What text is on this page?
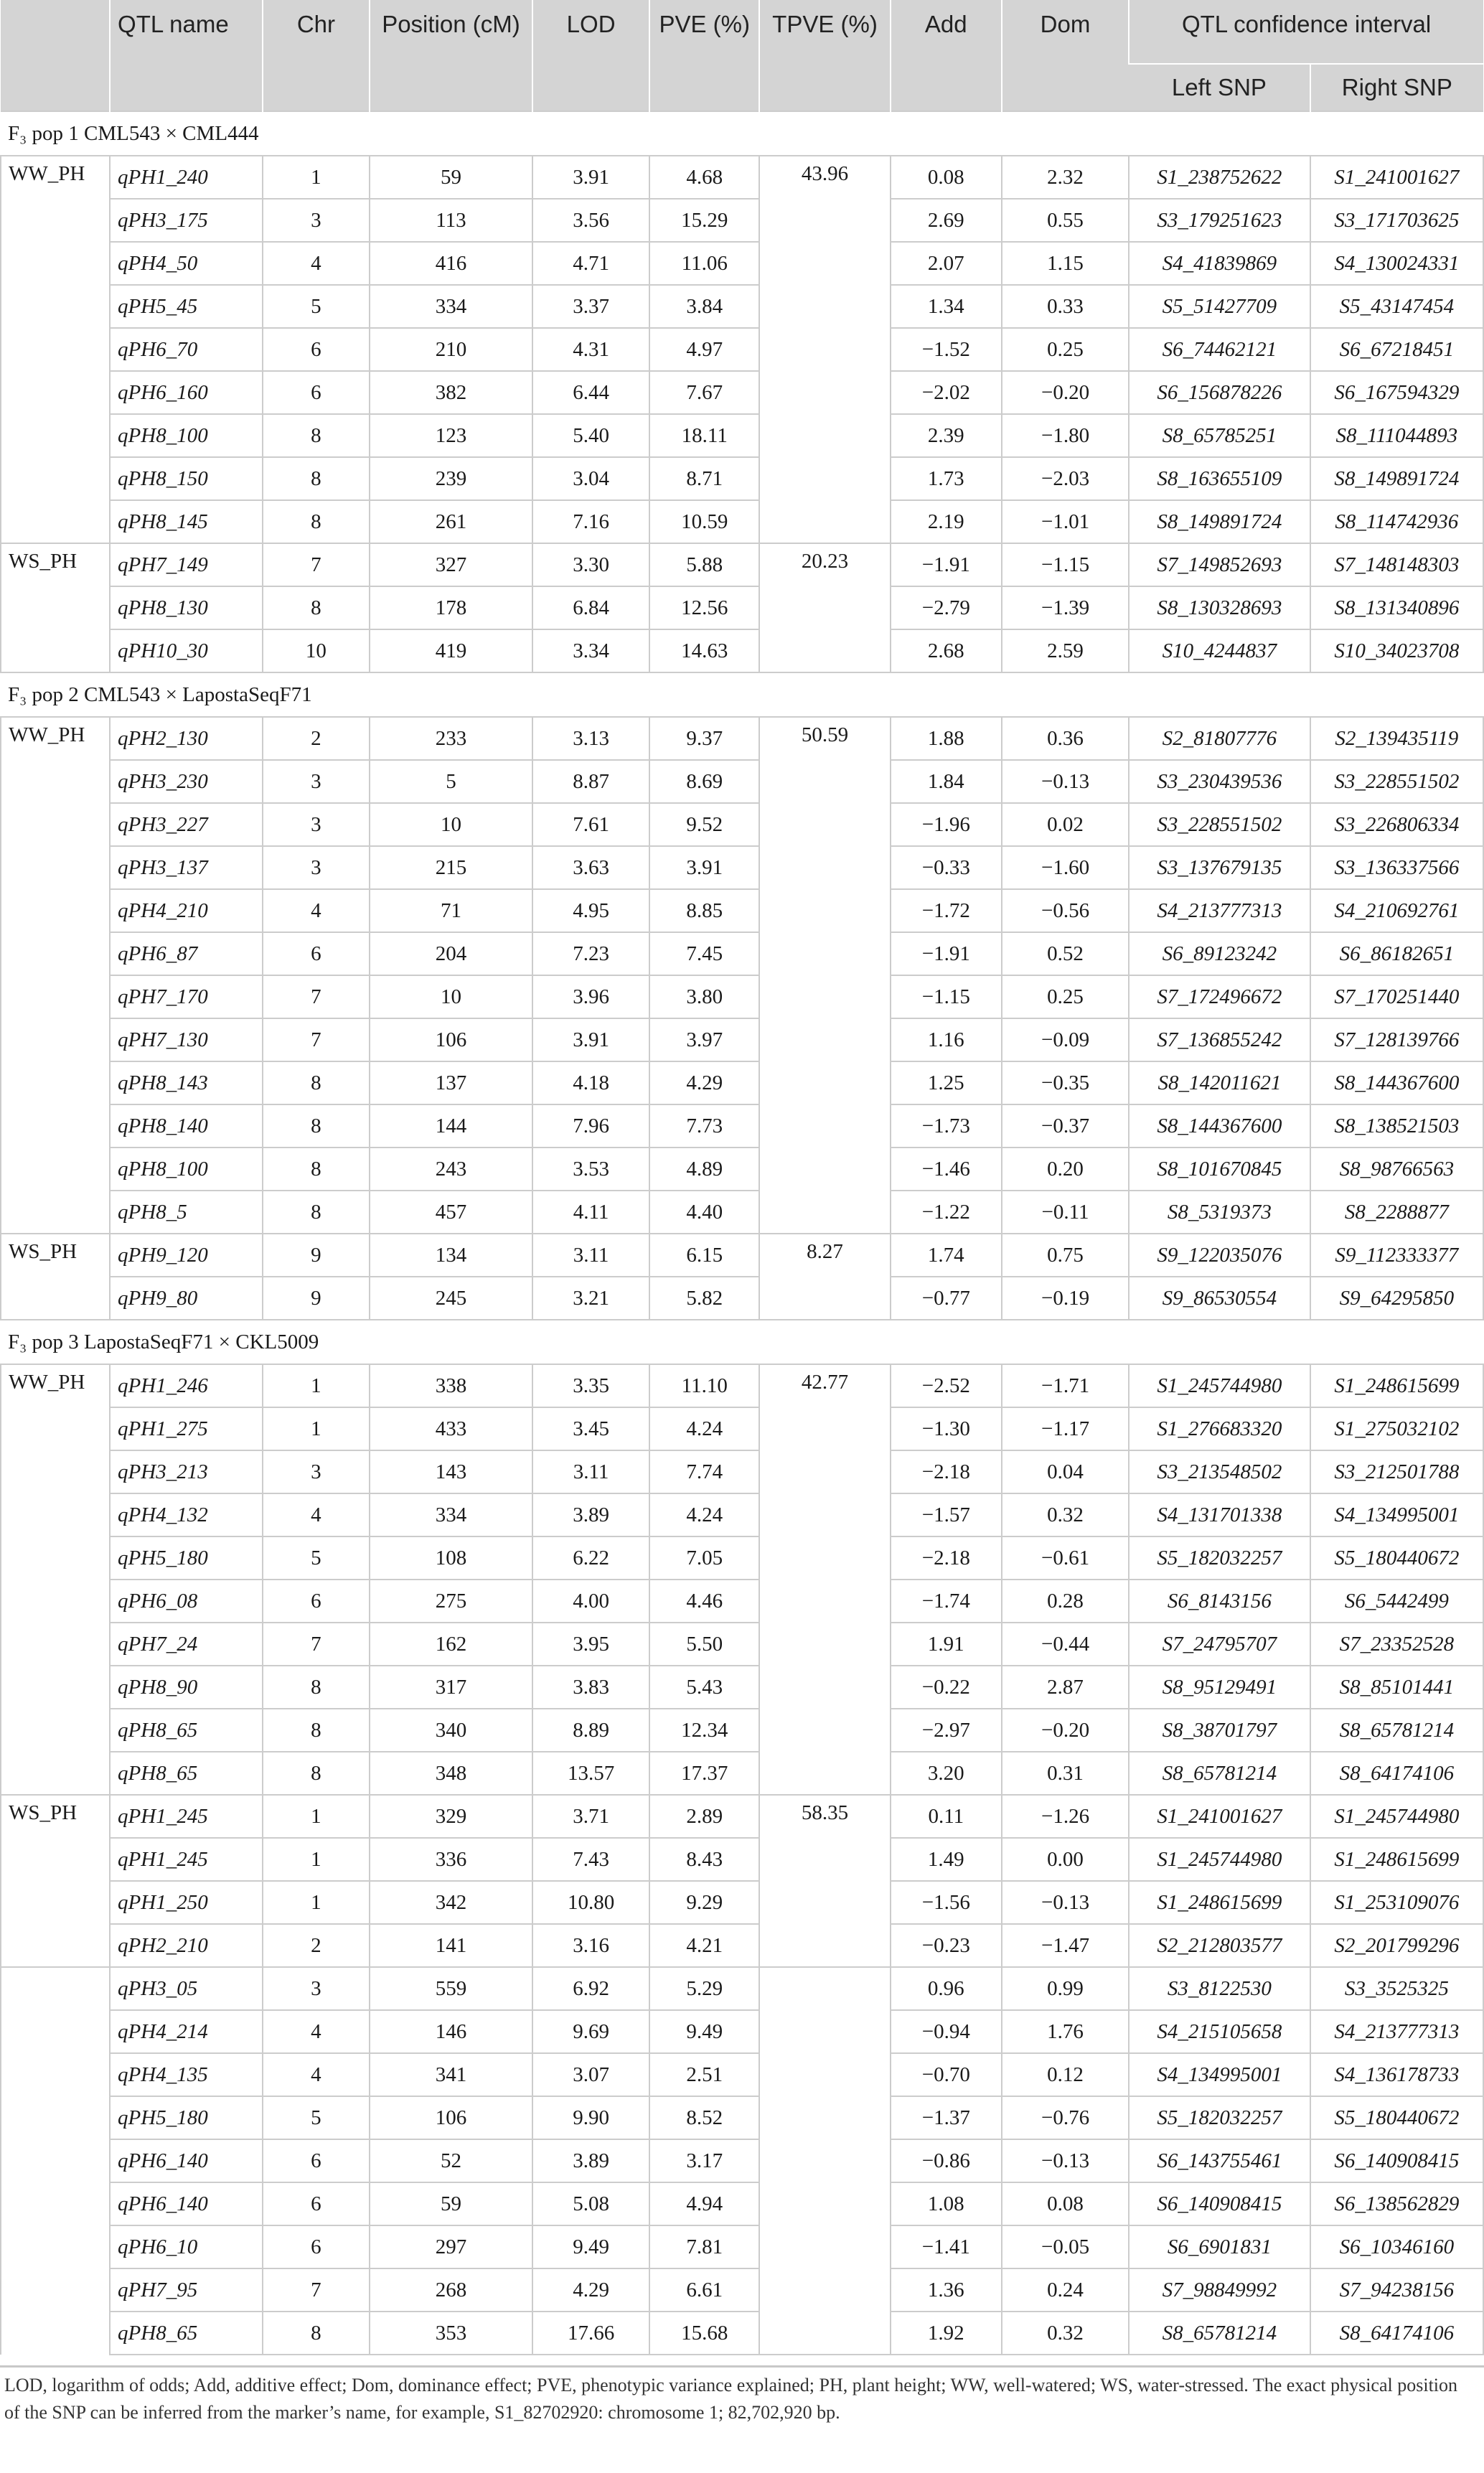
	QTL name	Chr	Position (cM)	LOD	PVE (%)	TPVE (%)	Add	Dom	QTL confidence interval	
									Left SNP	Right SNP
F₃ pop 1 CML543 × CML444										
WW_PH	qPH1_240	1	59	3.91	4.68	43.96	0.08	2.32	S1_238752622	S1_241001627
	qPH3_175	3	113	3.56	15.29		2.69	0.55	S3_179251623	S3_171703625
	qPH4_50	4	416	4.71	11.06		2.07	1.15	S4_41839869	S4_130024331
	qPH5_45	5	334	3.37	3.84		1.34	0.33	S5_51427709	S5_43147454
	qPH6_70	6	210	4.31	4.97		−1.52	0.25	S6_74462121	S6_67218451
	qPH6_160	6	382	6.44	7.67		−2.02	−0.20	S6_156878226	S6_167594329
	qPH8_100	8	123	5.40	18.11		2.39	−1.80	S8_65785251	S8_111044893
	qPH8_150	8	239	3.04	8.71		1.73	−2.03	S8_163655109	S8_149891724
	qPH8_145	8	261	7.16	10.59		2.19	−1.01	S8_149891724	S8_114742936
WS_PH	qPH7_149	7	327	3.30	5.88	20.23	−1.91	−1.15	S7_149852693	S7_148148303
	qPH8_130	8	178	6.84	12.56		−2.79	−1.39	S8_130328693	S8_131340896
	qPH10_30	10	419	3.34	14.63		2.68	2.59	S10_4244837	S10_34023708
F₃ pop 2 CML543 × LapostaSeqF71										
WW_PH	qPH2_130	2	233	3.13	9.37	50.59	1.88	0.36	S2_81807776	S2_139435119
	qPH3_230	3	5	8.87	8.69		1.84	−0.13	S3_230439536	S3_228551502
	qPH3_227	3	10	7.61	9.52		−1.96	0.02	S3_228551502	S3_226806334
	qPH3_137	3	215	3.63	3.91		−0.33	−1.60	S3_137679135	S3_136337566
	qPH4_210	4	71	4.95	8.85		−1.72	−0.56	S4_213777313	S4_210692761
	qPH6_87	6	204	7.23	7.45		−1.91	0.52	S6_89123242	S6_86182651
	qPH7_170	7	10	3.96	3.80		−1.15	0.25	S7_172496672	S7_170251440
	qPH7_130	7	106	3.91	3.97		1.16	−0.09	S7_136855242	S7_128139766
	qPH8_143	8	137	4.18	4.29		1.25	−0.35	S8_142011621	S8_144367600
	qPH8_140	8	144	7.96	7.73		−1.73	−0.37	S8_144367600	S8_138521503
	qPH8_100	8	243	3.53	4.89		−1.46	0.20	S8_101670845	S8_98766563
	qPH8_5	8	457	4.11	4.40		−1.22	−0.11	S8_5319373	S8_2288877
WS_PH	qPH9_120	9	134	3.11	6.15	8.27	1.74	0.75	S9_122035076	S9_112333377
	qPH9_80	9	245	3.21	5.82		−0.77	−0.19	S9_86530554	S9_64295850
F₃ pop 3 LapostaSeqF71 × CKL5009										
WW_PH	qPH1_246	1	338	3.35	11.10	42.77	−2.52	−1.71	S1_245744980	S1_248615699
	qPH1_275	1	433	3.45	4.24		−1.30	−1.17	S1_276683320	S1_275032102
	qPH3_213	3	143	3.11	7.74		−2.18	0.04	S3_213548502	S3_212501788
	qPH4_132	4	334	3.89	4.24		−1.57	0.32	S4_131701338	S4_134995001
	qPH5_180	5	108	6.22	7.05		−2.18	−0.61	S5_182032257	S5_180440672
	qPH6_08	6	275	4.00	4.46		−1.74	0.28	S6_8143156	S6_5442499
	qPH7_24	7	162	3.95	5.50		1.91	−0.44	S7_24795707	S7_23352528
	qPH8_90	8	317	3.83	5.43		−0.22	2.87	S8_95129491	S8_85101441
	qPH8_65	8	340	8.89	12.34		−2.97	−0.20	S8_38701797	S8_65781214
	qPH8_65	8	348	13.57	17.37		3.20	0.31	S8_65781214	S8_64174106
WS_PH	qPH1_245	1	329	3.71	2.89	58.35	0.11	−1.26	S1_241001627	S1_245744980
	qPH1_245	1	336	7.43	8.43		1.49	0.00	S1_245744980	S1_248615699
	qPH1_250	1	342	10.80	9.29		−1.56	−0.13	S1_248615699	S1_253109076
	qPH2_210	2	141	3.16	4.21		−0.23	−1.47	S2_212803577	S2_201799296
	qPH3_05	3	559	6.92	5.29		0.96	0.99	S3_8122530	S3_3525325
	qPH4_214	4	146	9.69	9.49		−0.94	1.76	S4_215105658	S4_213777313
	qPH4_135	4	341	3.07	2.51		−0.70	0.12	S4_134995001	S4_136178733
	qPH5_180	5	106	9.90	8.52		−1.37	−0.76	S5_182032257	S5_180440672
	qPH6_140	6	52	3.89	3.17		−0.86	−0.13	S6_143755461	S6_140908415
	qPH6_140	6	59	5.08	4.94		1.08	0.08	S6_140908415	S6_138562829
	qPH6_10	6	297	9.49	7.81		−1.41	−0.05	S6_6901831	S6_10346160
	qPH7_95	7	268	4.29	6.61		1.36	0.24	S7_98849992	S7_94238156
	qPH8_65	8	353	17.66	15.68		1.92	0.32	S8_65781214	S8_64174106
LOD, logarithm of odds; Add, additive effect; Dom, dominance effect; PVE, phenotypic variance explained; PH, plant height; WW, well-watered; WS, water-stressed. The exact physical position of the SNP can be inferred from the marker’s name, for example, S1_82702920: chromosome 1; 82,702,920 bp.
